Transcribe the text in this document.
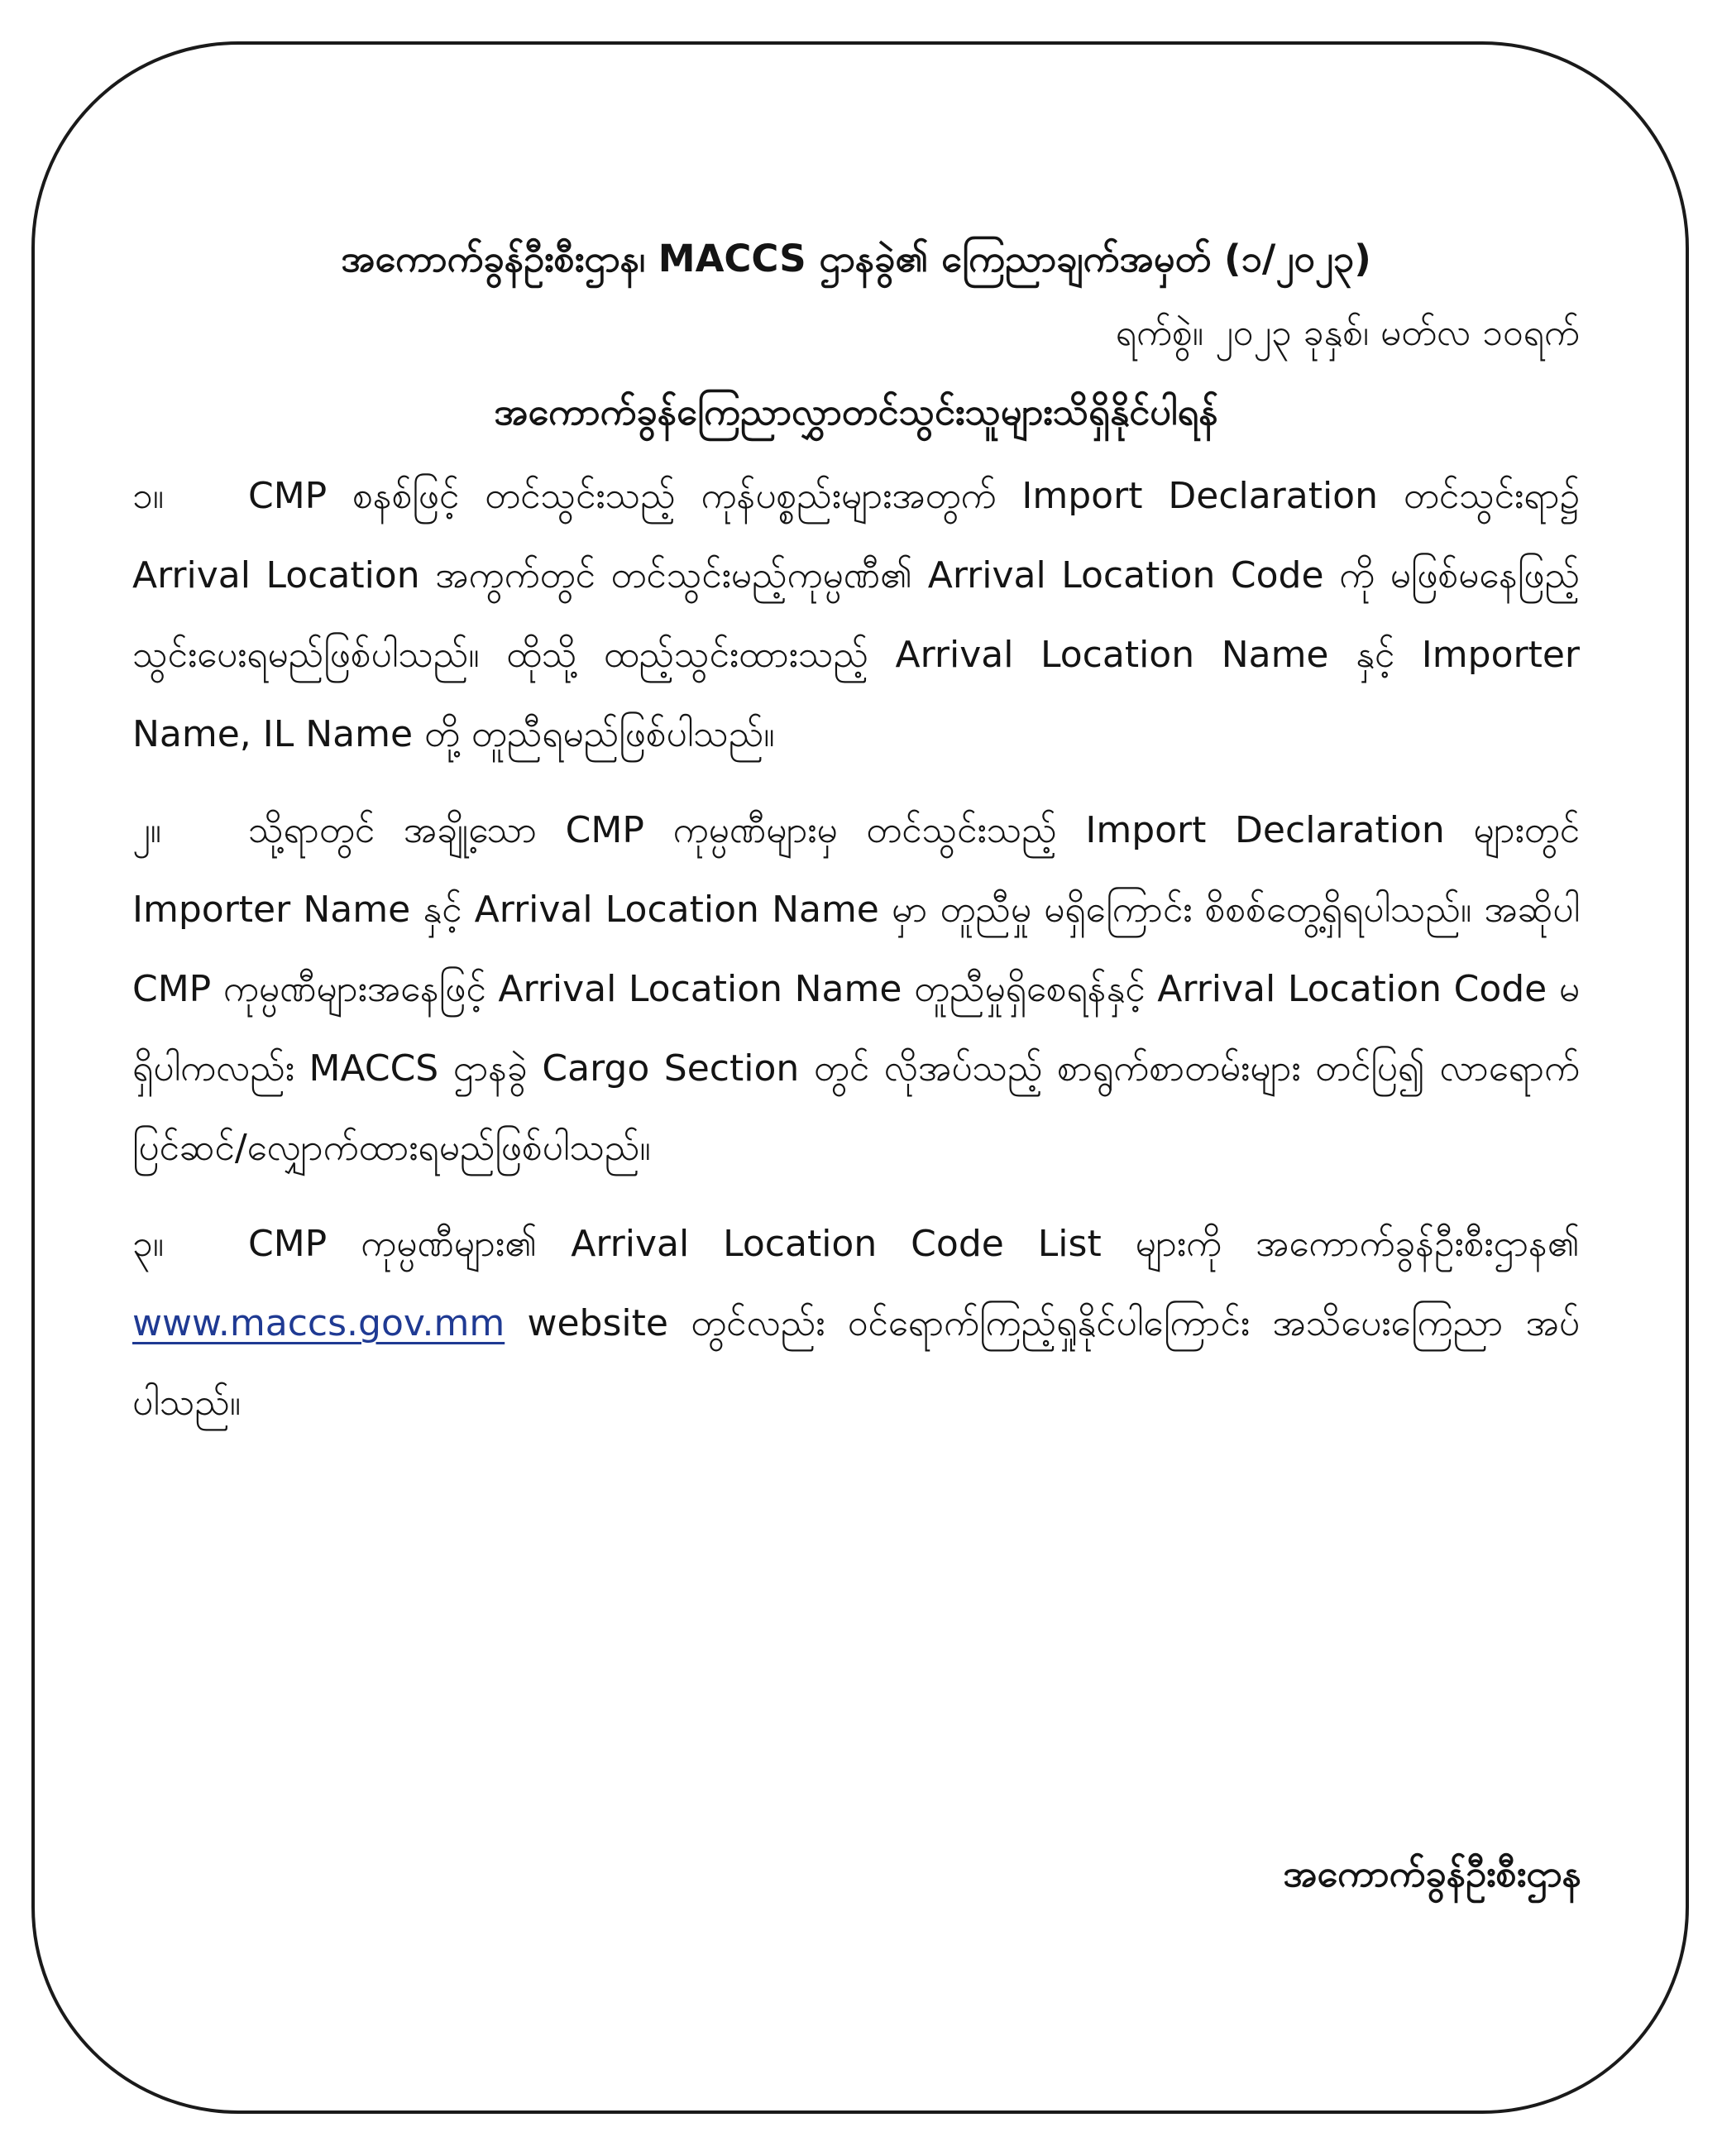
အကောက်ခွန်ဦးစီးဌာန၊ MACCS ဌာနခွဲ၏ ကြေညာချက်အမှတ် (၁/၂၀၂၃)

ရက်စွဲ။ ၂၀၂၃ ခုနှစ်၊ မတ်လ ၁၀ရက်

အကောက်ခွန်ကြေညာလွှာတင်သွင်းသူများသိရှိနိုင်ပါရန်

၁။ CMP စနစ်ဖြင့် တင်သွင်းသည့် ကုန်ပစ္စည်းများအတွက် Import Declaration တင်သွင်းရာ၌ Arrival Location အကွက်တွင် တင်သွင်းမည့်ကုမ္ပဏီ၏ Arrival Location Code ကို မဖြစ်မနေဖြည့်သွင်းပေးရမည်ဖြစ်ပါသည်။ ထိုသို့ ထည့်သွင်းထားသည့် Arrival Location Name နှင့် Importer Name, IL Name တို့ တူညီရမည်ဖြစ်ပါသည်။

၂။ သို့ရာတွင် အချို့သော CMP ကုမ္ပဏီများမှ တင်သွင်းသည့် Import Declaration များတွင် Importer Name နှင့် Arrival Location Name မှာ တူညီမှု မရှိကြောင်း စိစစ်တွေ့ရှိရပါသည်။ အဆိုပါ CMP ကုမ္ပဏီများအနေဖြင့် Arrival Location Name တူညီမှုရှိစေရန်နှင့် Arrival Location Code မရှိပါကလည်း MACCS ဌာနခွဲ Cargo Section တွင် လိုအပ်သည့် စာရွက်စာတမ်းများ တင်ပြ၍ လာရောက်ပြင်ဆင်/လျှောက်ထားရမည်ဖြစ်ပါသည်။

၃။ CMP ကုမ္ပဏီများ၏ Arrival Location Code List များကို အကောက်ခွန်ဦးစီးဌာန၏ www.maccs.gov.mm website တွင်လည်း ဝင်ရောက်ကြည့်ရှုနိုင်ပါကြောင်း အသိပေးကြေညာ အပ်ပါသည်။

အကောက်ခွန်ဦးစီးဌာန
